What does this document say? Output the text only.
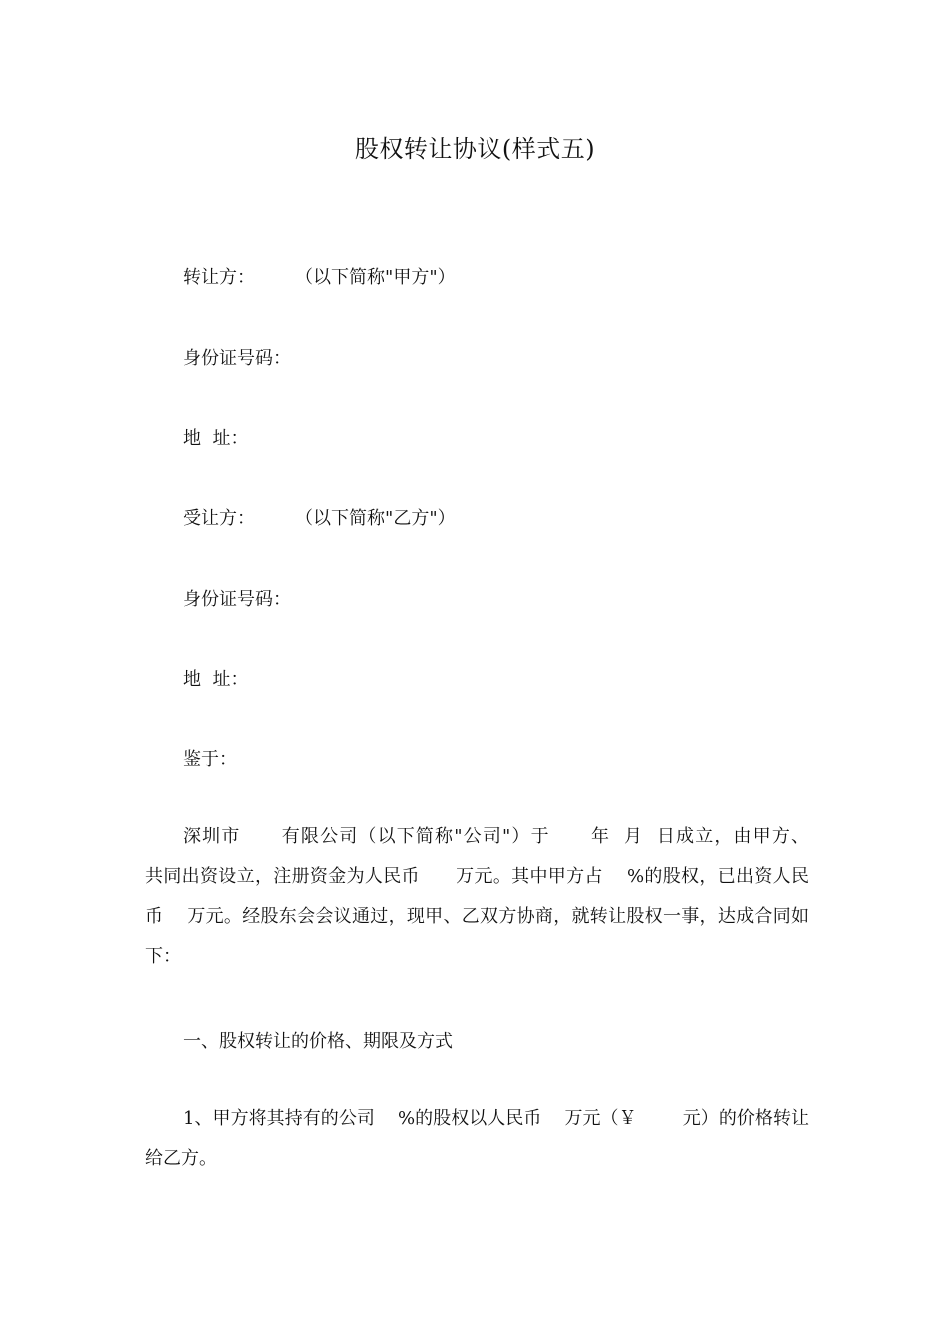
股权转让协议(样式五)
转让方：       （以下简称"甲方"）
身份证号码：
地  址：
受让方：       （以下简称"乙方"）
身份证号码：
地  址：
鉴于：
深圳市      有限公司（以下简称"公司"）于      年  月  日成立，由甲方、       共同出资设立，注册资金为人民币      万元。其中甲方占    %的股权，已出资人民币    万元。经股东会会议通过，现甲、乙双方协商，就转让股权一事，达成合同如下：
一、股权转让的价格、期限及方式
1、甲方将其持有的公司    %的股权以人民币    万元（￥        元）的价格转让给乙方。
